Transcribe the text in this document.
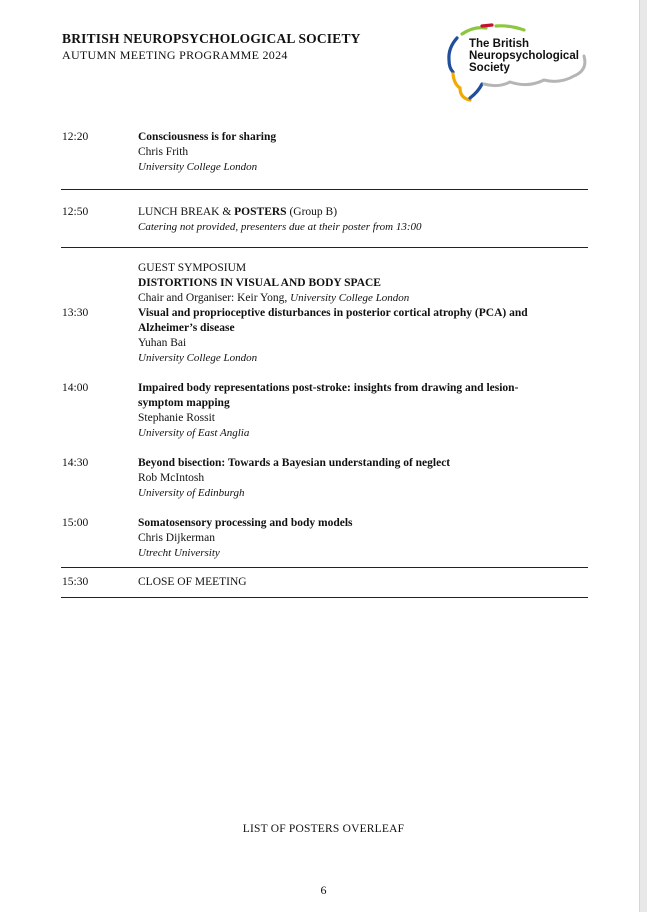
BRITISH NEUROPSYCHOLOGICAL SOCIETY
AUTUMN MEETING PROGRAMME 2024
The British
Neuropsychological
Society
12:20	Consciousness is for sharing
Chris Frith
University College London
12:50	LUNCH BREAK & POSTERS (Group B)
Catering not provided, presenters due at their poster from 13:00
GUEST SYMPOSIUM
DISTORTIONS IN VISUAL AND BODY SPACE
Chair and Organiser: Keir Yong, University College London
13:30	Visual and proprioceptive disturbances in posterior cortical atrophy (PCA) and
Alzheimer’s disease
Yuhan Bai
University College London
14:00	Impaired body representations post-stroke: insights from drawing and lesion-
symptom mapping
Stephanie Rossit
University of East Anglia
14:30	Beyond bisection: Towards a Bayesian understanding of neglect
Rob McIntosh
University of Edinburgh
15:00	Somatosensory processing and body models
Chris Dijkerman
Utrecht University
15:30	CLOSE OF MEETING
LIST OF POSTERS OVERLEAF
6
